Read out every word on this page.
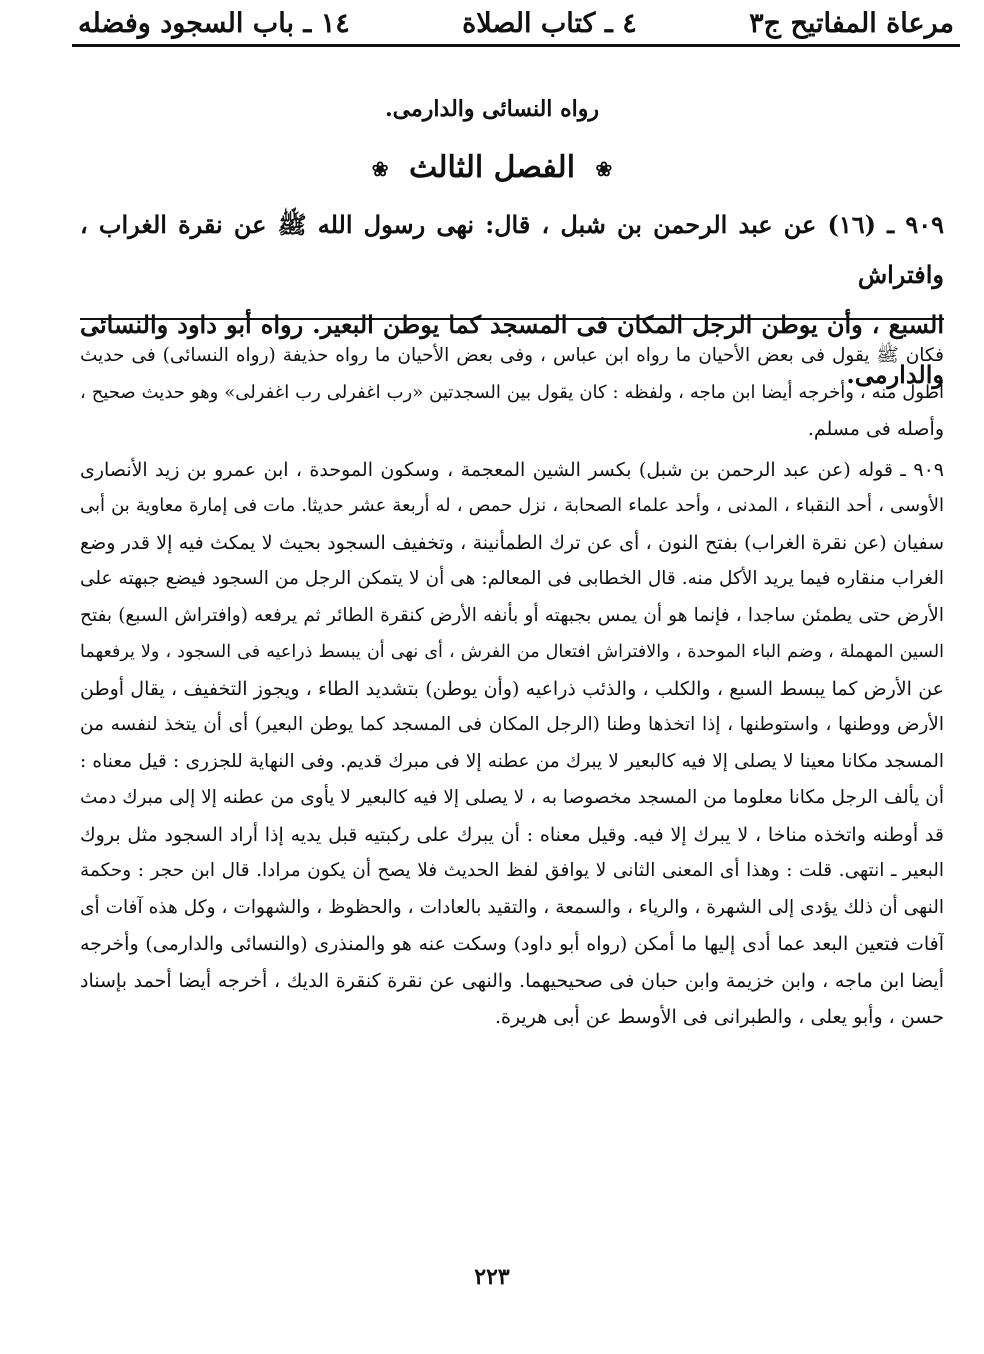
مرعاة المفاتيح ج٣
٤ ـ كتاب الصلاة
١٤ ـ باب السجود وفضله
رواه النسائى والدارمى.
❀ الفصل الثالث ❀

٩٠٩ ـ (١٦) عن عبد الرحمن بن شبل ، قال: نهى رسول الله ﷺ عن نقرة الغراب ، وافتراش

السبع ، وأن يوطن الرجل المكان فى المسجد كما يوطن البعير. رواه أبو داود والنسائى والدارمى.

فكان ﷺ يقول فى بعض الأحيان ما رواه ابن عباس ، وفى بعض الأحيان ما رواه حذيفة (رواه النسائى) فى حديث

أطول منه ، وأخرجه أيضا ابن ماجه ، ولفظه : كان يقول بين السجدتين «رب اغفرلى رب اغفرلى» وهو حديث صحيح ،

وأصله فى مسلم.

٩٠٩ ـ قوله (عن عبد الرحمن بن شبل) بكسر الشين المعجمة ، وسكون الموحدة ، ابن عمرو بن زيد الأنصارى

الأوسى ، أحد النقباء ، المدنى ، وأحد علماء الصحابة ، نزل حمص ، له أربعة عشر حديثا. مات فى إمارة معاوية بن أبى

سفيان (عن نقرة الغراب) بفتح النون ، أى عن ترك الطمأنينة ، وتخفيف السجود بحيث لا يمكث فيه إلا قدر وضع

الغراب منقاره فيما يريد الأكل منه. قال الخطابى فى المعالم: هى أن لا يتمكن الرجل من السجود فيضع جبهته على

الأرض حتى يطمئن ساجدا ، فإنما هو أن يمس بجبهته أو بأنفه الأرض كنقرة الطائر ثم يرفعه (وافتراش السبع) بفتح

السين المهملة ، وضم الباء الموحدة ، والافتراش افتعال من الفرش ، أى نهى أن يبسط ذراعيه فى السجود ، ولا يرفعهما

عن الأرض كما يبسط السبع ، والكلب ، والذئب ذراعيه (وأن يوطن) بتشديد الطاء ، ويجوز التخفيف ، يقال أوطن

الأرض ووطنها ، واستوطنها ، إذا اتخذها وطنا (الرجل المكان فى المسجد كما يوطن البعير) أى أن يتخذ لنفسه من

المسجد مكانا معينا لا يصلى إلا فيه كالبعير لا يبرك من عطنه إلا فى مبرك قديم. وفى النهاية للجزرى : قيل معناه :

أن يألف الرجل مكانا معلوما من المسجد مخصوصا به ، لا يصلى إلا فيه كالبعير لا يأوى من عطنه إلا إلى مبرك دمث

قد أوطنه واتخذه مناخا ، لا يبرك إلا فيه. وقيل معناه : أن يبرك على ركبتيه قبل يديه إذا أراد السجود مثل بروك

البعير ـ انتهى. قلت : وهذا أى المعنى الثانى لا يوافق لفظ الحديث فلا يصح أن يكون مرادا. قال ابن حجر : وحكمة

النهى أن ذلك يؤدى إلى الشهرة ، والرياء ، والسمعة ، والتقيد بالعادات ، والحظوظ ، والشهوات ، وكل هذه آفات أى

آفات فتعين البعد عما أدى إليها ما أمكن (رواه أبو داود) وسكت عنه هو والمنذرى (والنسائى والدارمى) وأخرجه

أيضا ابن ماجه ، وابن خزيمة وابن حبان فى صحيحيهما. والنهى عن نقرة كنقرة الديك ، أخرجه أيضا أحمد بإسناد

حسن ، وأبو يعلى ، والطبرانى فى الأوسط عن أبى هريرة.

٢٢٣
